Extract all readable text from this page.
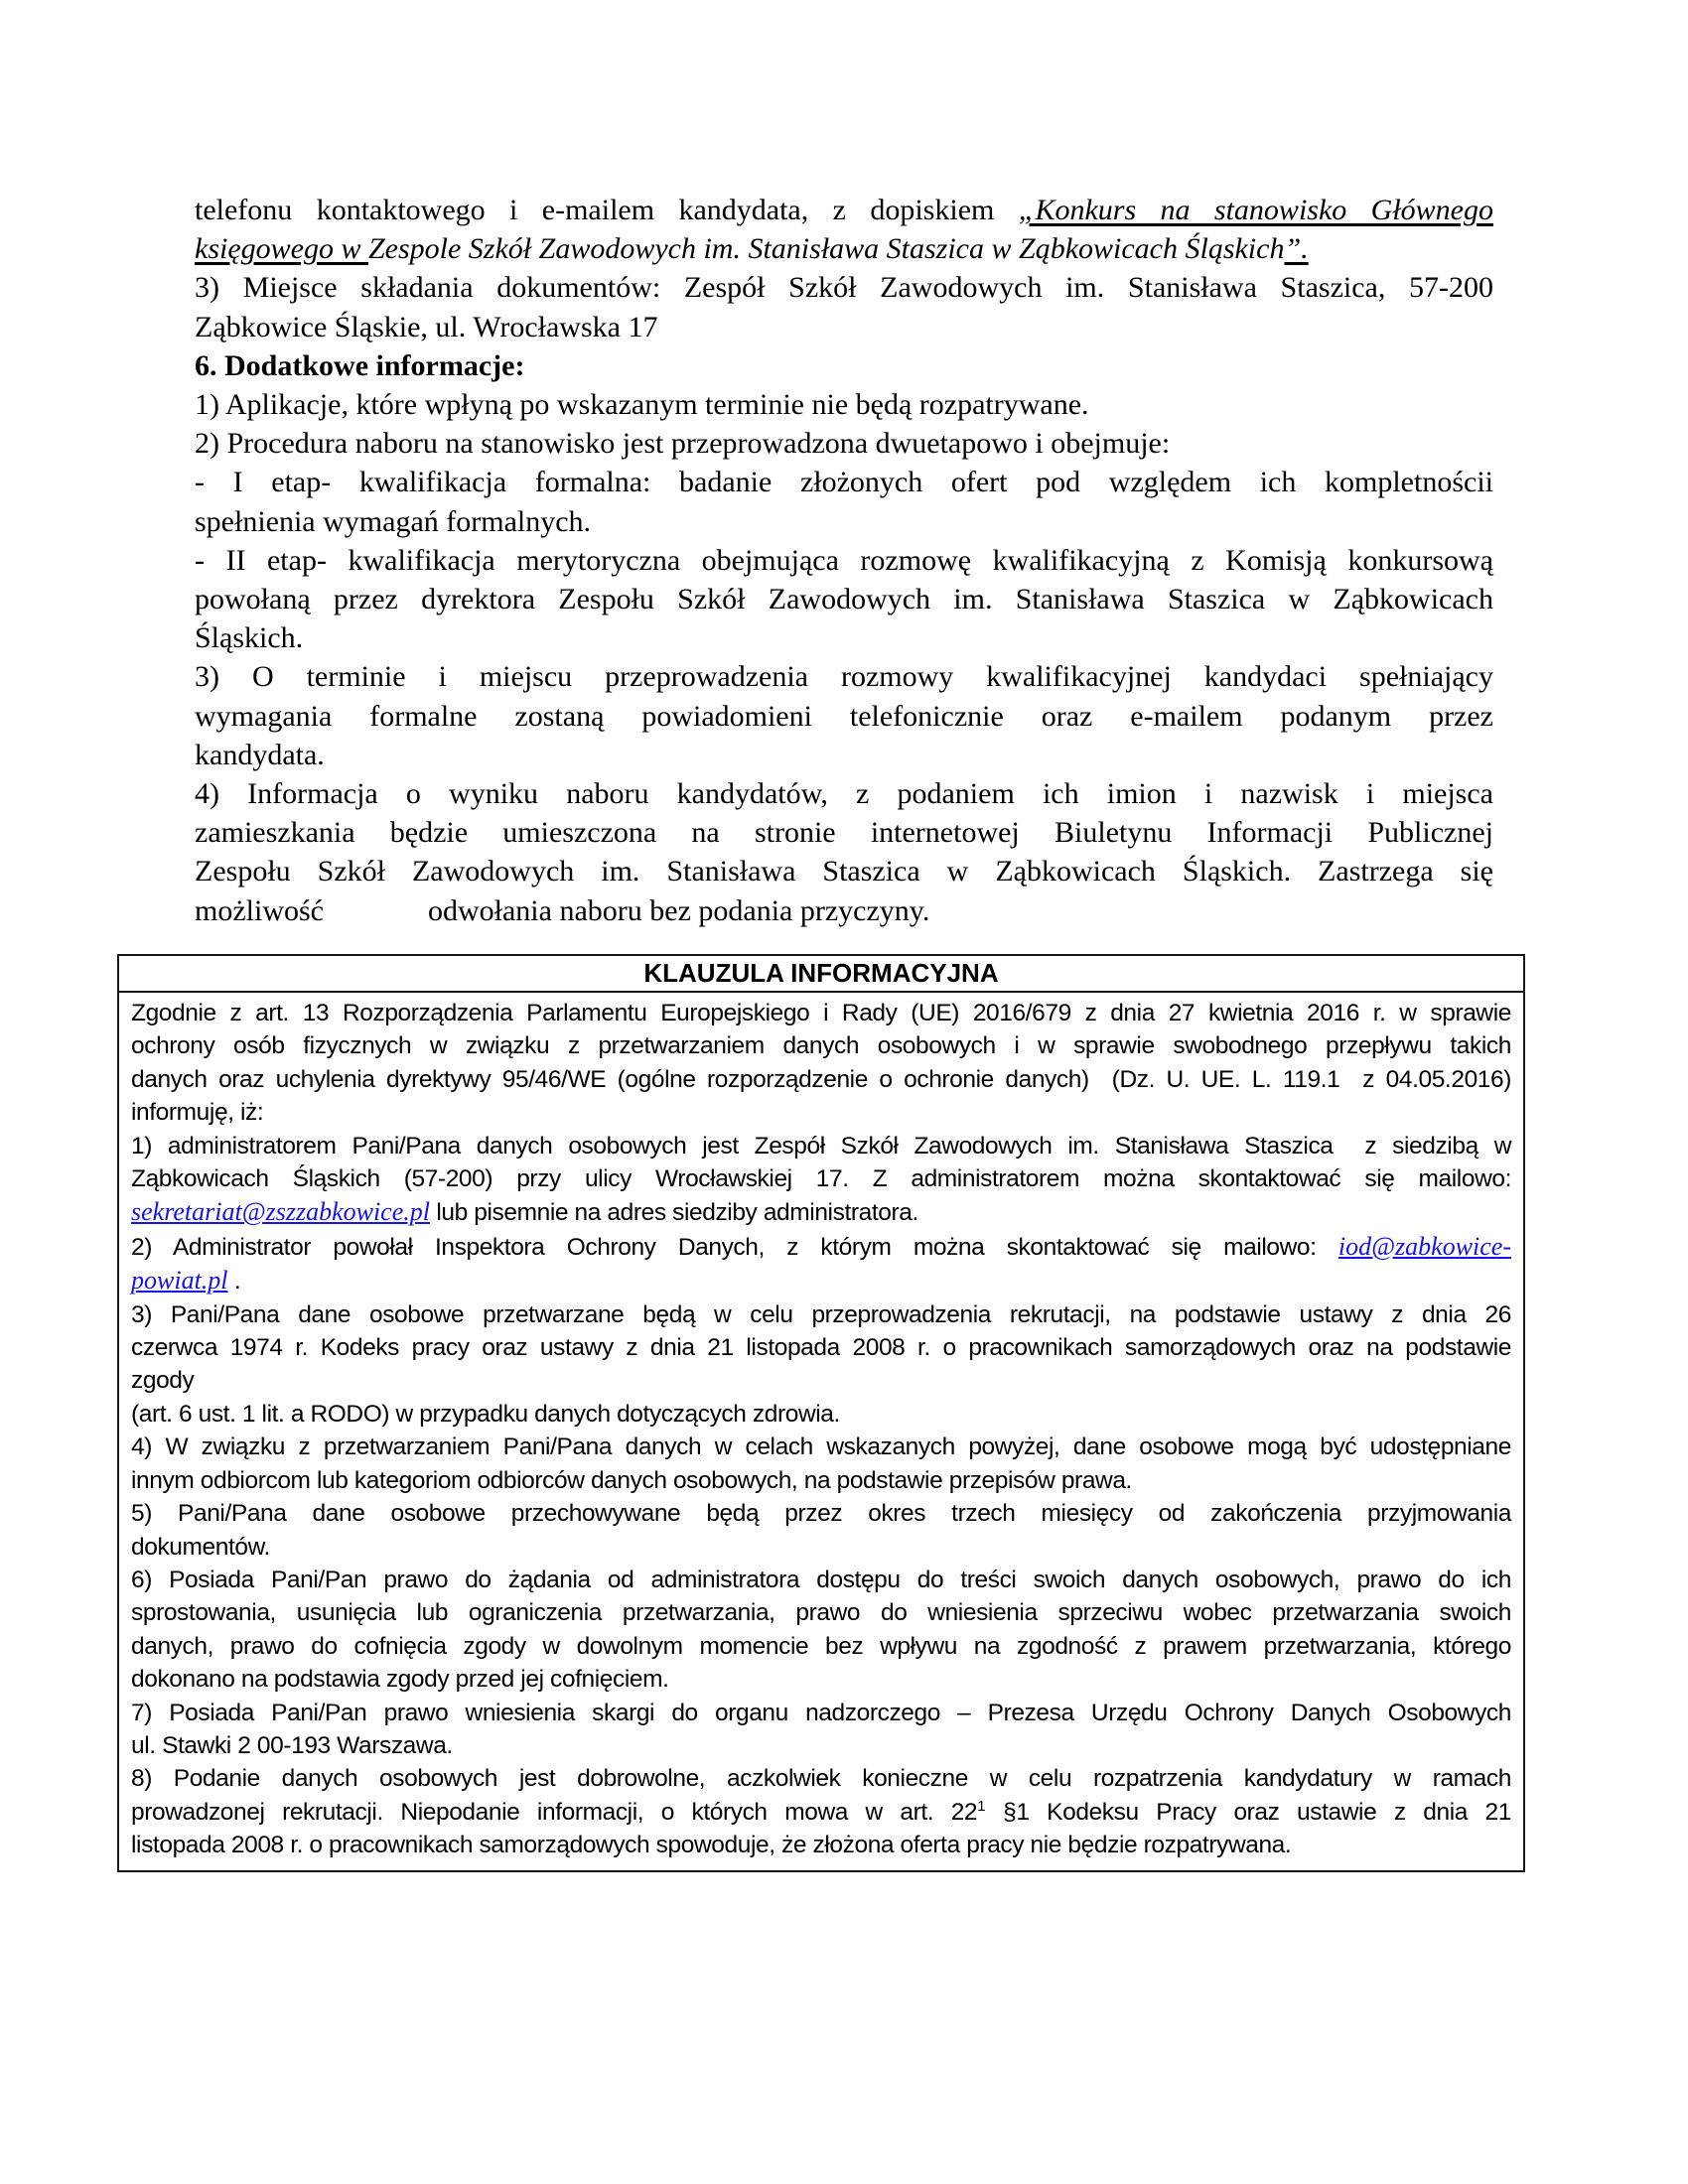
telefonu kontaktowego i e-mailem kandydata, z dopiskiem „Konkurs na stanowisko Głównego
księgowego w Zespole Szkół Zawodowych im. Stanisława Staszica w Ząbkowicach Śląskich”.
3) Miejsce składania dokumentów: Zespół Szkół Zawodowych im. Stanisława Staszica, 57-200
Ząbkowice Śląskie, ul. Wrocławska 17
6. Dodatkowe informacje:
1) Aplikacje, które wpłyną po wskazanym terminie nie będą rozpatrywane.
2) Procedura naboru na stanowisko jest przeprowadzona dwuetapowo i obejmuje:
- I etap- kwalifikacja formalna: badanie złożonych ofert pod względem ich kompletnościi
spełnienia wymagań formalnych.
- II etap- kwalifikacja merytoryczna obejmująca rozmowę kwalifikacyjną z Komisją konkursową
powołaną przez dyrektora Zespołu Szkół Zawodowych im. Stanisława Staszica w Ząbkowicach
Śląskich.
3) O terminie i miejscu przeprowadzenia rozmowy kwalifikacyjnej kandydaci spełniający
wymagania formalne zostaną powiadomieni telefonicznie oraz e-mailem podanym przez
kandydata.
4) Informacja o wyniku naboru kandydatów, z podaniem ich imion i nazwisk i miejsca
zamieszkania będzie umieszczona na stronie internetowej Biuletynu Informacji Publicznej
Zespołu Szkół Zawodowych im. Stanisława Staszica w Ząbkowicach Śląskich. Zastrzega się
możliwość              odwołania naboru bez podania przyczyny.
KLAUZULA INFORMACYJNA
Zgodnie z art. 13 Rozporządzenia Parlamentu Europejskiego i Rady (UE) 2016/679 z dnia 27 kwietnia 2016 r. w sprawie
ochrony osób fizycznych w związku z przetwarzaniem danych osobowych i w sprawie swobodnego przepływu takich
danych oraz uchylenia dyrektywy 95/46/WE (ogólne rozporządzenie o ochronie danych)  (Dz. U. UE. L. 119.1  z 04.05.2016)
informuję, iż:
1) administratorem Pani/Pana danych osobowych jest Zespół Szkół Zawodowych im. Stanisława Staszica  z siedzibą w
Ząbkowicach Śląskich (57-200) przy ulicy Wrocławskiej 17. Z administratorem można skontaktować się mailowo:
sekretariat@zszzabkowice.pl lub pisemnie na adres siedziby administratora.
2) Administrator powołał Inspektora Ochrony Danych, z którym można skontaktować się mailowo: iod@zabkowice-
powiat.pl .
3) Pani/Pana dane osobowe przetwarzane będą w celu przeprowadzenia rekrutacji, na podstawie ustawy z dnia 26
czerwca 1974 r. Kodeks pracy oraz ustawy z dnia 21 listopada 2008 r. o pracownikach samorządowych oraz na podstawie
zgody
(art. 6 ust. 1 lit. a RODO) w przypadku danych dotyczących zdrowia.
4) W związku z przetwarzaniem Pani/Pana danych w celach wskazanych powyżej, dane osobowe mogą być udostępniane
innym odbiorcom lub kategoriom odbiorców danych osobowych, na podstawie przepisów prawa.
5) Pani/Pana dane osobowe przechowywane będą przez okres trzech miesięcy od zakończenia przyjmowania
dokumentów.
6) Posiada Pani/Pan prawo do żądania od administratora dostępu do treści swoich danych osobowych, prawo do ich
sprostowania, usunięcia lub ograniczenia przetwarzania, prawo do wniesienia sprzeciwu wobec przetwarzania swoich
danych, prawo do cofnięcia zgody w dowolnym momencie bez wpływu na zgodność z prawem przetwarzania, którego
dokonano na podstawia zgody przed jej cofnięciem.
7) Posiada Pani/Pan prawo wniesienia skargi do organu nadzorczego – Prezesa Urzędu Ochrony Danych Osobowych
ul. Stawki 2 00-193 Warszawa.
8) Podanie danych osobowych jest dobrowolne, aczkolwiek konieczne w celu rozpatrzenia kandydatury w ramach
prowadzonej rekrutacji. Niepodanie informacji, o których mowa w art. $22^1$ §1 Kodeksu Pracy oraz ustawie z dnia 21
listopada 2008 r. o pracownikach samorządowych spowoduje, że złożona oferta pracy nie będzie rozpatrywana.
